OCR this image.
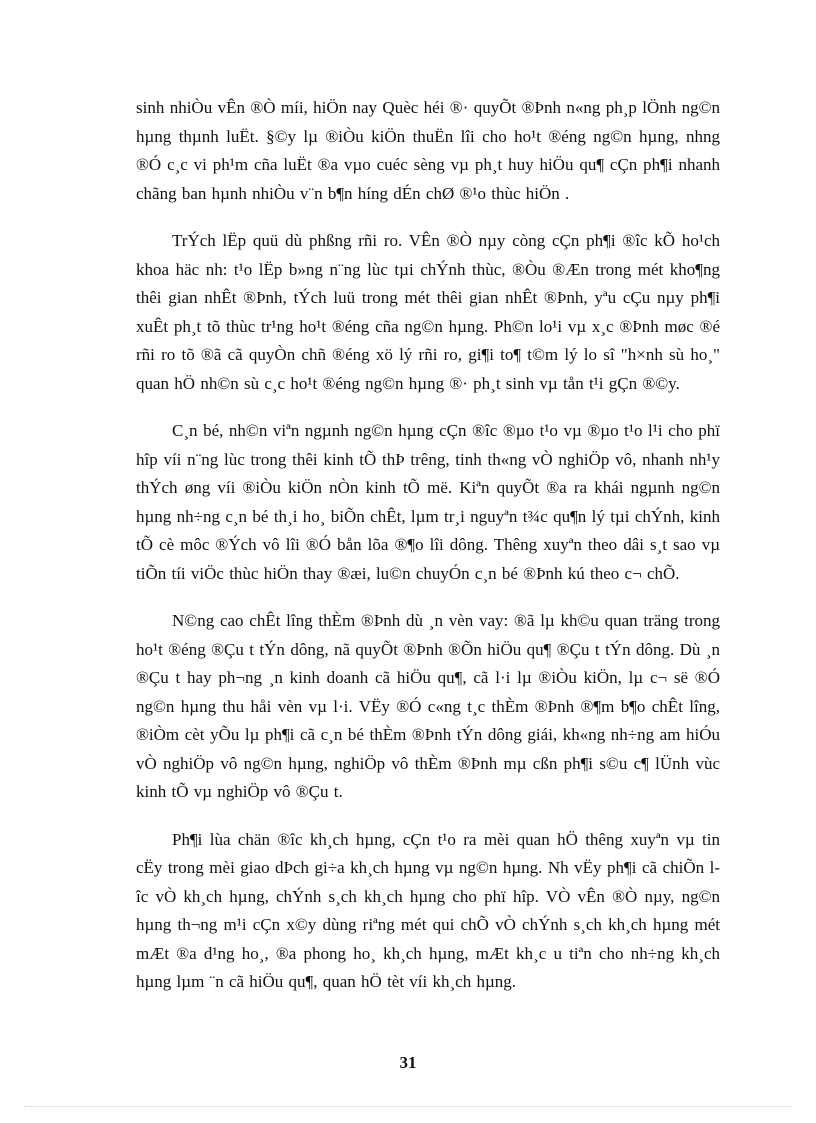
sinh nhiÒu vÊn ®Ò míi, hiÖn nay Quèc héi ®· quyÕt ®Þnh n«ng ph¸p lÖnh ng©n hµng thµnh luËt. §©y lµ ®iÒu kiÖn thuËn lîi cho ho¹t ®éng ng©n hµng, nhng ®Ó c¸c vi ph¹m cña luËt ®a vµo cuéc sèng vµ ph¸t huy hiÖu qu¶ cÇn ph¶i nhanh chãng ban hµnh nhiÒu v¨n b¶n híng dÉn chØ ®¹o thùc hiÖn .

TrÝch lËp quü dù phßng rñi ro. VÊn ®Ò nµy còng cÇn ph¶i ®îc kÕ ho¹ch khoa häc nh: t¹o lËp b»ng n¨ng lùc tµi chÝnh thùc, ®Òu ®Æn trong mét kho¶ng thêi gian nhÊt ®Þnh, tÝch luü trong mét thêi gian nhÊt ®Þnh, yªu cÇu nµy ph¶i xuÊt ph¸t tõ thùc tr¹ng ho¹t ®éng cña ng©n hµng. Ph©n lo¹i vµ x¸c ®Þnh møc ®é rñi ro tõ ®ã cã quyÒn chñ ®éng xö lý rñi ro, gi¶i to¶ t©m lý lo sî "h×nh sù ho¸" quan hÖ nh©n sù c¸c ho¹t ®éng ng©n hµng ®· ph¸t sinh vµ tån t¹i gÇn ®©y.

C¸n bé, nh©n viªn ngµnh ng©n hµng cÇn ®îc ®µo t¹o vµ ®µo t¹o l¹i cho phï hîp víi n¨ng lùc trong thêi kinh tÕ thÞ trêng, tinh th«ng vÒ nghiÖp vô, nhanh nh¹y thÝch øng víi ®iÒu kiÖn nÒn kinh tÕ më. Kiªn quyÕt ®a ra khái ngµnh ng©n hµng nh÷ng c¸n bé th¸i ho¸ biÕn chÊt, lµm tr¸i nguyªn t¾c qu¶n lý tµi chÝnh, kinh tÕ cè môc ®Ých vô lîi ®Ó bån lõa ®¶o lîi dông. Thêng xuyªn theo dâi s¸t sao vµ tiÕn tíi viÖc thùc hiÖn thay ®æi, lu©n chuyÓn c¸n bé ®Þnh kú theo c¬ chÕ.

N©ng cao chÊt lîng thÈm ®Þnh dù ¸n vèn vay: ®ã lµ kh©u quan träng trong ho¹t ®éng ®Çu t tÝn dông, nã quyÕt ®Þnh ®Õn hiÖu qu¶ ®Çu t tÝn dông. Dù ¸n ®Çu t hay ph¬ng ¸n kinh doanh cã hiÖu qu¶, cã l·i lµ ®iÒu kiÖn, lµ c¬ së ®Ó ng©n hµng thu håi vèn vµ l·i. VËy ®Ó c«ng t¸c thÈm ®Þnh ®¶m b¶o chÊt lîng, ®iÒm cèt yÕu lµ ph¶i cã c¸n bé thÈm ®Þnh tÝn dông giái, kh«ng nh÷ng am hiÓu vÒ nghiÖp vô ng©n hµng, nghiÖp vô thÈm ®Þnh mµ cßn ph¶i s©u c¶ lÜnh vùc kinh tÕ vµ nghiÖp vô ®Çu t.

Ph¶i lùa chän ®îc kh¸ch hµng, cÇn t¹o ra mèi quan hÖ thêng xuyªn vµ tin cËy trong mèi giao dÞch gi÷a kh¸ch hµng vµ ng©n hµng. Nh vËy ph¶i cã chiÕn lîc vÒ kh¸ch hµng, chÝnh s¸ch kh¸ch hµng cho phï hîp. VÒ vÊn ®Ò nµy, ng©n hµng th¬ng m¹i cÇn x©y dùng riªng mét qui chÕ vÒ chÝnh s¸ch kh¸ch hµng mét mÆt ®a d¹ng ho¸, ®a phong ho¸ kh¸ch hµng, mÆt kh¸c u tiªn cho nh÷ng kh¸ch hµng lµm ¨n cã hiÖu qu¶, quan hÖ tèt víi kh¸ch hµng.

31
